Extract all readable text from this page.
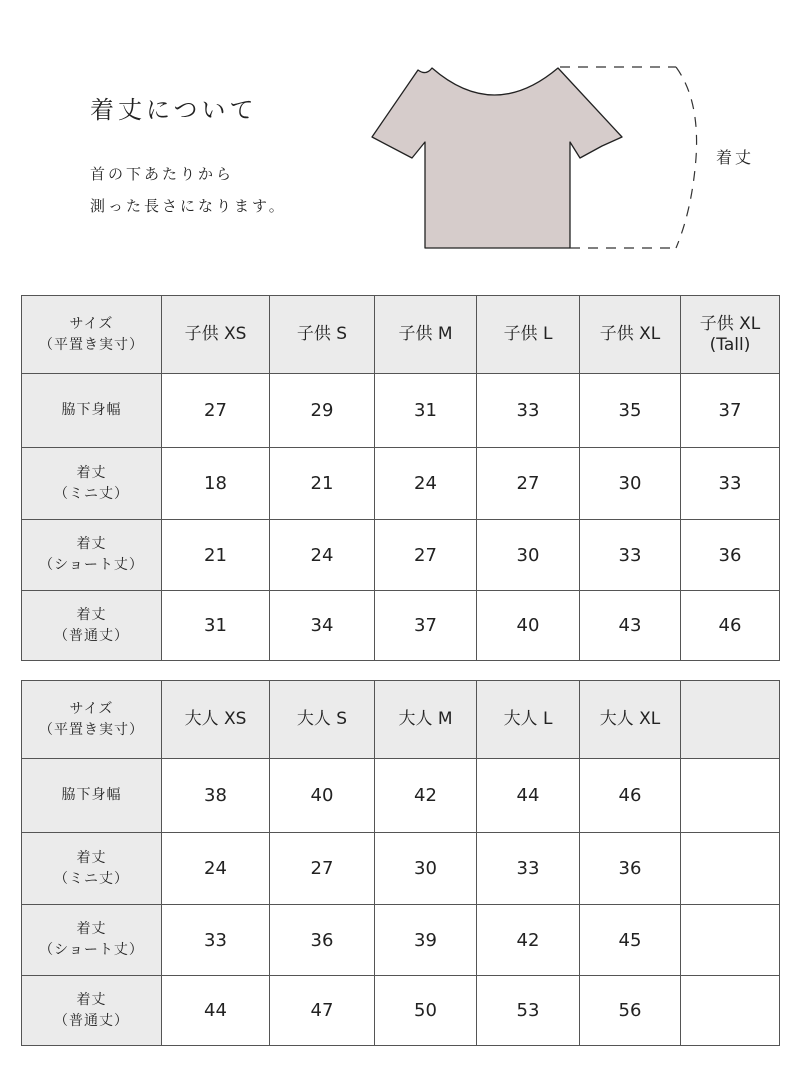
着丈について
首の下あたりから
測った長さになります。
着丈
サイズ
（平置き実寸）	子供 XS	子供 S	子供 M	子供 L	子供 XL	子供 XL
(Tall)

脇下身幅	27	29	31	33	35	37

着丈
（ミニ丈）	18	21	24	27	30	33

着丈
（ショート丈）	21	24	27	30	33	36

着丈
（普通丈）	31	34	37	40	43	46
サイズ
（平置き実寸）	大人 XS	大人 S	大人 M	大人 L	大人 XL	

脇下身幅	38	40	42	44	46	

着丈
（ミニ丈）	24	27	30	33	36	

着丈
（ショート丈）	33	36	39	42	45	

着丈
（普通丈）	44	47	50	53	56	
